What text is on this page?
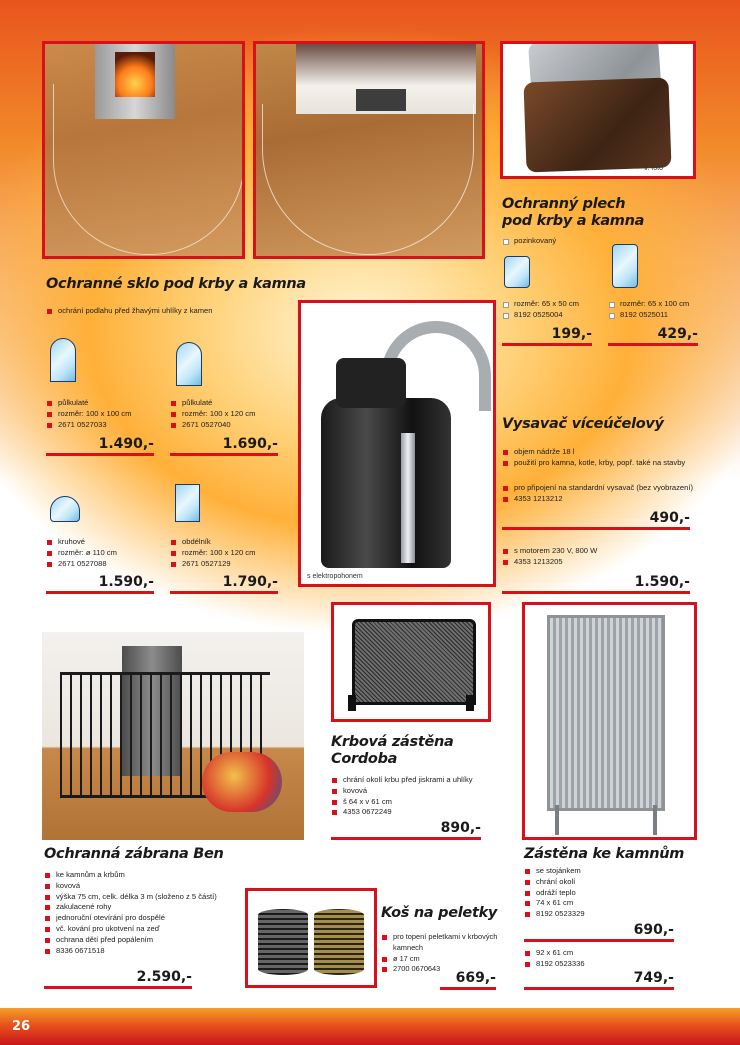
Ochranné sklo pod krby a kamna
ochrání podlahu před žhavými uhlíky z kamen
půlkulaté
rozměr: 100 x 100 cm
2671 0527033
1.490,-
půlkulaté
rozměr: 100 x 120 cm
2671 0527040
1.690,-
kruhové
rozměr: ø 110 cm
2671 0527088
1.590,-
obdélník
rozměr: 100 x 120 cm
2671 0527129
1.790,-
il. foto
Ochranný plech
pod krby a kamna
pozinkovaný
rozměr: 65 x 50 cm
8192 0525004
199,-
rozměr: 65 x 100 cm
8192 0525011
429,-
s elektropohonem
Vysavač víceúčelový
objem nádrže 18 l
použití pro kamna, kotle, krby, popř. také na stavby
pro připojení na standardní vysavač (bez vyobrazení)
4353 1213212
490,-
s motorem 230 V, 800 W
4353 1213205
1.590,-
Ochranná zábrana Ben
ke kamnům a krbům
kovová
výška 75 cm, celk. délka 3 m (složeno z 5 částí)
zakulacené rohy
jednoruční otevírání pro dospělé
vč. kování pro ukotvení na zeď
ochrana dětí před popálením
8336 0671518
2.590,-
Krbová zástěna
Cordoba
chrání okolí krbu před jiskrami a uhlíky
kovová
š 64 x v 61 cm
4353 0672249
890,-
Koš na peletky
pro topení peletkami v krbových kamnech
ø 17 cm
2700 0670643
669,-
Zástěna ke kamnům
se stojánkem
chrání okolí
odráží teplo
74 x 61 cm
8192 0523329
690,-
92 x 61 cm
8192 0523336
749,-
26
